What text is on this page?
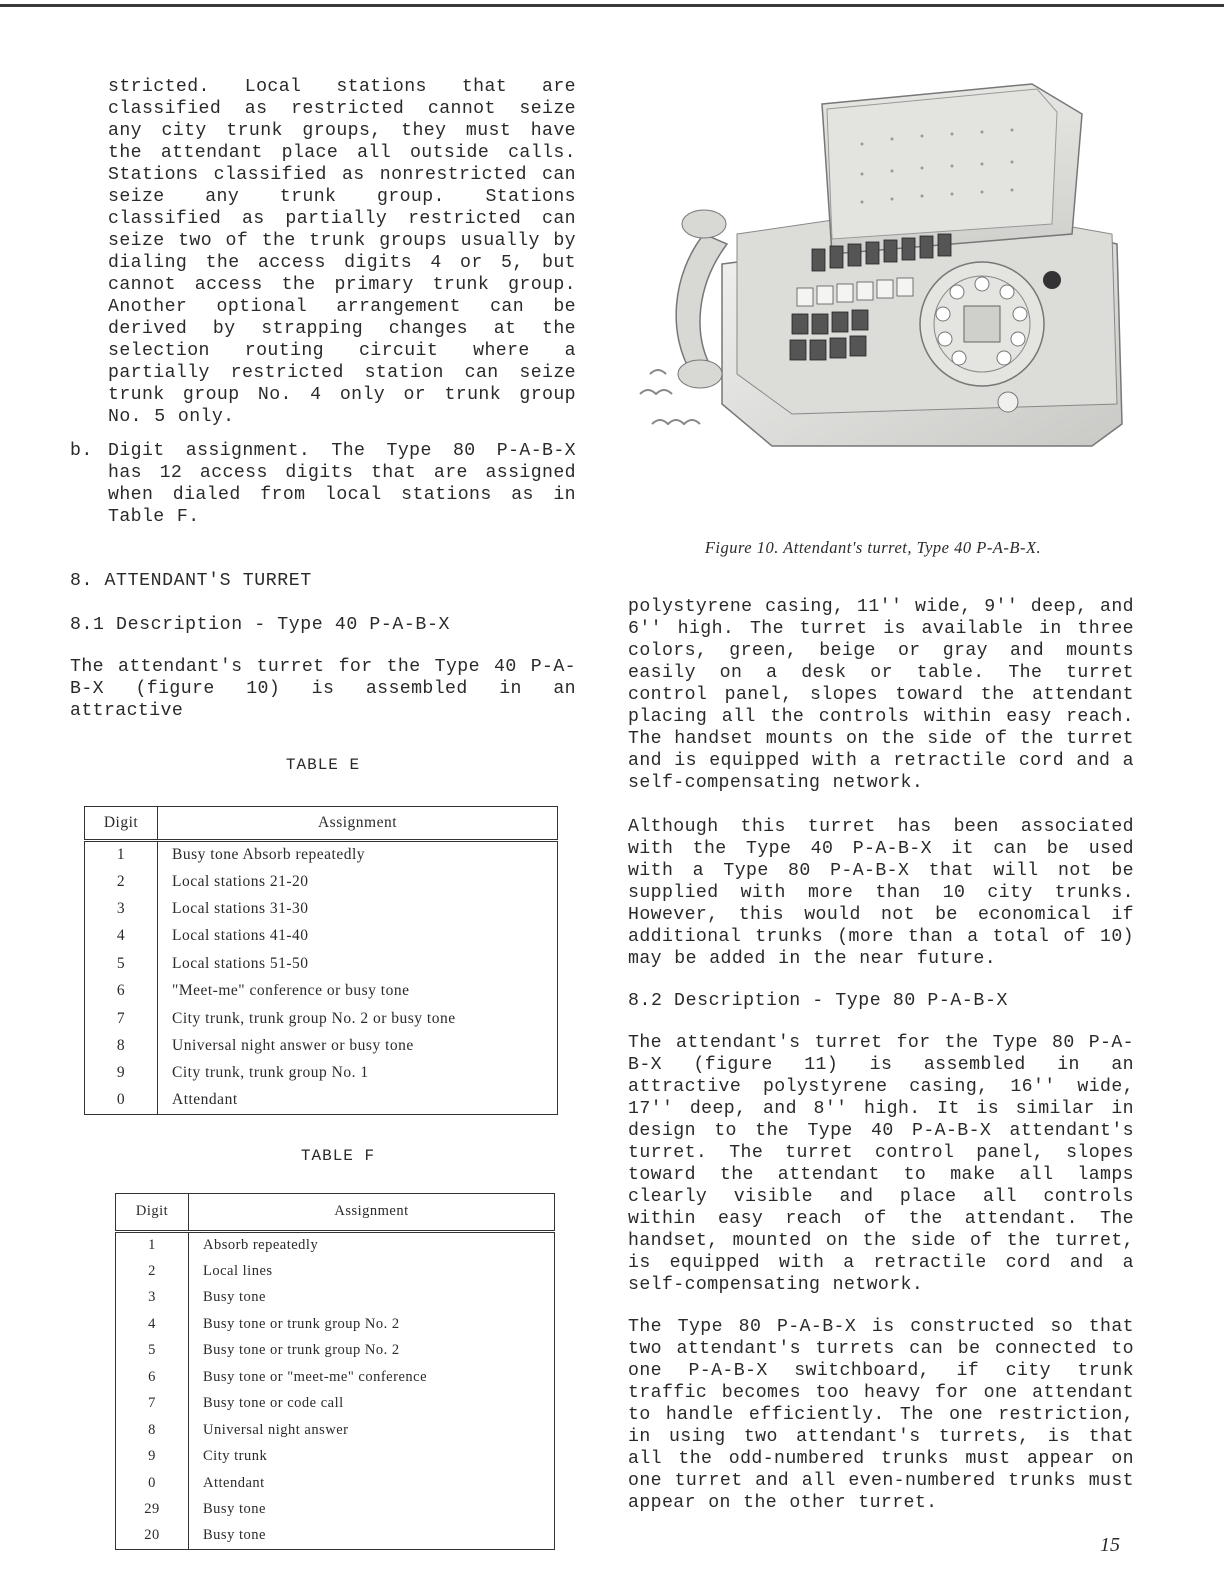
stricted. Local stations that are classified as restricted cannot seize any city trunk groups, they must have the attendant place all outside calls. Stations classified as nonrestricted can seize any trunk group. Stations classified as partially restricted can seize two of the trunk groups usually by dialing the access digits 4 or 5, but cannot access the primary trunk group. Another optional arrangement can be derived by strapping changes at the selection routing circuit where a partially restricted station can seize trunk group No. 4 only or trunk group No. 5 only.

b. Digit assignment. The Type 80 P-A-B-X has 12 access digits that are assigned when dialed from local stations as in Table F.

8. ATTENDANT'S TURRET

8.1 Description - Type 40 P-A-B-X

The attendant's turret for the Type 40 P-A-B-X (figure 10) is assembled in an attractive

TABLE E

Digit	Assignment
1	Busy tone Absorb repeatedly
2	Local stations 21-20
3	Local stations 31-30
4	Local stations 41-40
5	Local stations 51-50
6	"Meet-me" conference or busy tone
7	City trunk, trunk group No. 2 or busy tone
8	Universal night answer or busy tone
9	City trunk, trunk group No. 1
0	Attendant

TABLE F

Digit	Assignment
1	Absorb repeatedly
2	Local lines
3	Busy tone
4	Busy tone or trunk group No. 2
5	Busy tone or trunk group No. 2
6	Busy tone or "meet-me" conference
7	Busy tone or code call
8	Universal night answer
9	City trunk
0	Attendant
29	Busy tone
20	Busy tone
Figure 10. Attendant's turret, Type 40 P-A-B-X.

polystyrene casing, 11'' wide, 9'' deep, and 6'' high. The turret is available in three colors, green, beige or gray and mounts easily on a desk or table. The turret control panel, slopes toward the attendant placing all the controls within easy reach. The handset mounts on the side of the turret and is equipped with a retractile cord and a self-compensating network.

Although this turret has been associated with the Type 40 P-A-B-X it can be used with a Type 80 P-A-B-X that will not be supplied with more than 10 city trunks. However, this would not be economical if additional trunks (more than a total of 10) may be added in the near future.

8.2 Description - Type 80 P-A-B-X

The attendant's turret for the Type 80 P-A-B-X (figure 11) is assembled in an attractive polystyrene casing, 16'' wide, 17'' deep, and 8'' high. It is similar in design to the Type 40 P-A-B-X attendant's turret. The turret control panel, slopes toward the attendant to make all lamps clearly visible and place all controls within easy reach of the attendant. The handset, mounted on the side of the turret, is equipped with a retractile cord and a self-compensating network.

The Type 80 P-A-B-X is constructed so that two attendant's turrets can be connected to one P-A-B-X switchboard, if city trunk traffic becomes too heavy for one attendant to handle efficiently. The one restriction, in using two attendant's turrets, is that all the odd-numbered trunks must appear on one turret and all even-numbered trunks must appear on the other turret.

15
